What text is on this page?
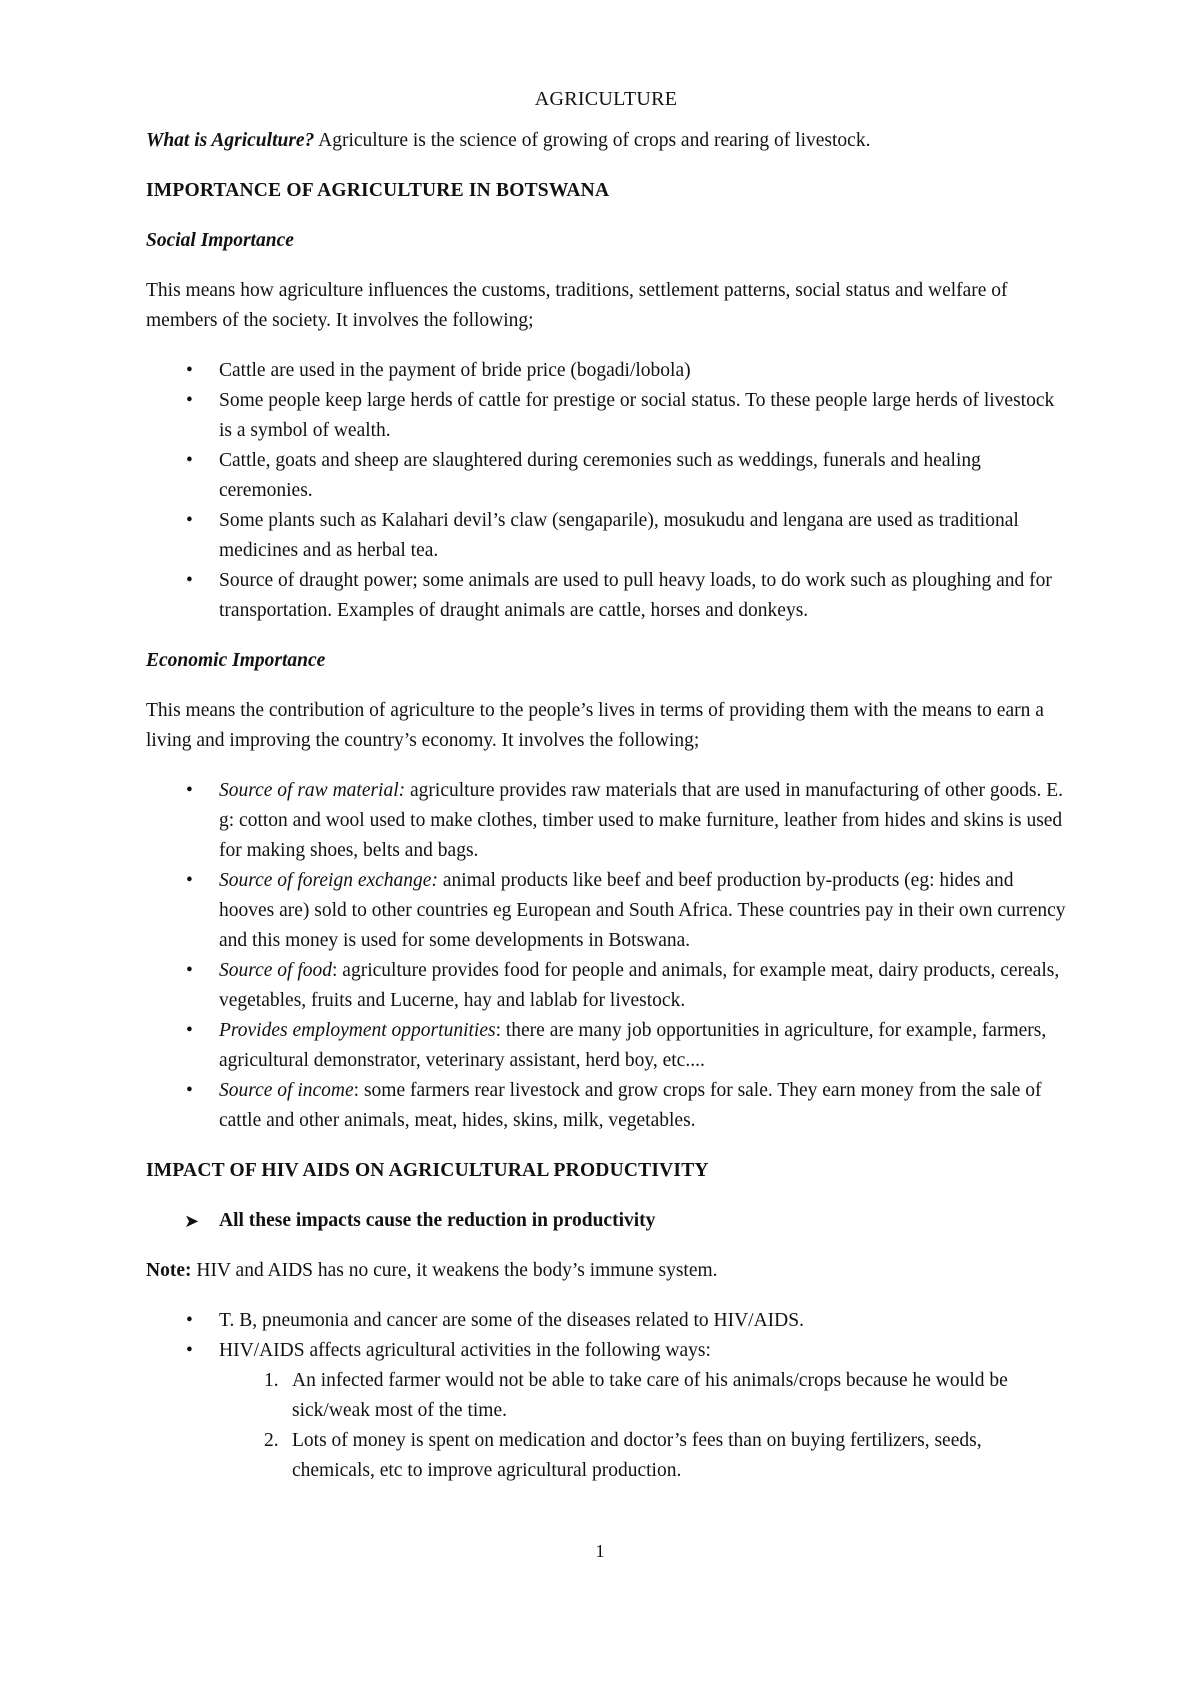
AGRICULTURE

What is Agriculture? Agriculture is the science of growing of crops and rearing of livestock.

IMPORTANCE OF AGRICULTURE IN BOTSWANA

Social Importance

This means how agriculture influences the customs, traditions, settlement patterns, social status and welfare of members of the society. It involves the following;

• Cattle are used in the payment of bride price (bogadi/lobola)
• Some people keep large herds of cattle for prestige or social status. To these people large herds of livestock is a symbol of wealth.
• Cattle, goats and sheep are slaughtered during ceremonies such as weddings, funerals and healing ceremonies.
• Some plants such as Kalahari devil’s claw (sengaparile), mosukudu and lengana are used as traditional medicines and as herbal tea.
• Source of draught power; some animals are used to pull heavy loads, to do work such as ploughing and for transportation. Examples of draught animals are cattle, horses and donkeys.

Economic Importance

This means the contribution of agriculture to the people’s lives in terms of providing them with the means to earn a living and improving the country’s economy. It involves the following;

• Source of raw material: agriculture provides raw materials that are used in manufacturing of other goods. E. g: cotton and wool used to make clothes, timber used to make furniture, leather from hides and skins is used for making shoes, belts and bags.
• Source of foreign exchange: animal products like beef and beef production by-products (eg: hides and hooves are) sold to other countries eg European and South Africa. These countries pay in their own currency and this money is used for some developments in Botswana.
• Source of food: agriculture provides food for people and animals, for example meat, dairy products, cereals, vegetables, fruits and Lucerne, hay and lablab for livestock.
• Provides employment opportunities: there are many job opportunities in agriculture, for example, farmers, agricultural demonstrator, veterinary assistant, herd boy, etc....
• Source of income: some farmers rear livestock and grow crops for sale. They earn money from the sale of cattle and other animals, meat, hides, skins, milk, vegetables.

IMPACT OF HIV AIDS ON AGRICULTURAL PRODUCTIVITY

➤ All these impacts cause the reduction in productivity

Note: HIV and AIDS has no cure, it weakens the body’s immune system.

• T. B, pneumonia and cancer are some of the diseases related to HIV/AIDS.
• HIV/AIDS affects agricultural activities in the following ways:
1. An infected farmer would not be able to take care of his animals/crops because he would be sick/weak most of the time.
2. Lots of money is spent on medication and doctor’s fees than on buying fertilizers, seeds, chemicals, etc to improve agricultural production.
1
